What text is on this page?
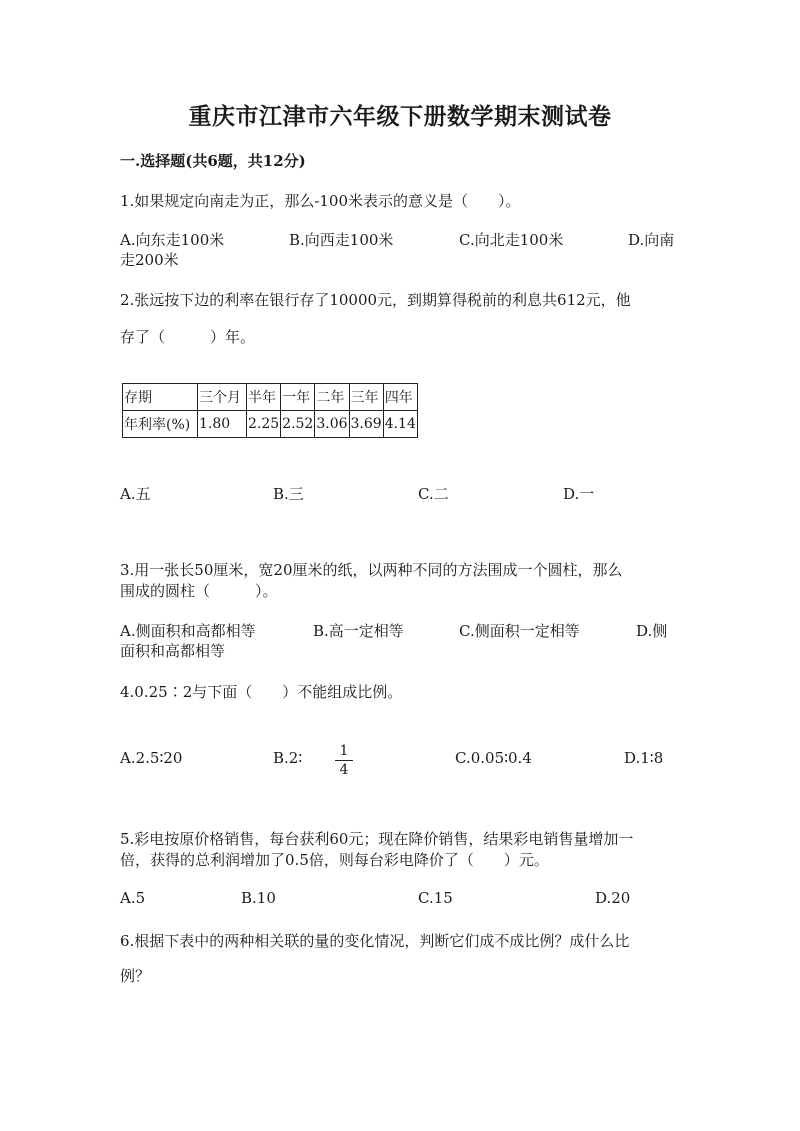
重庆市江津市六年级下册数学期末测试卷
一.选择题(共6题，共12分)
1.如果规定向南走为正，那么-100米表示的意义是（　　）。
A.向东走100米	B.向西走100米	C.向北走100米	D.向南
走200米
2.张远按下边的利率在银行存了10000元，到期算得税前的利息共612元，他
存了（　　　）年。
存期	三个月	半年	一年	二年	三年	四年
年利率(%)	1.80	2.25	2.52	3.06	3.69	4.14
A.五	B.三	C.二	D.一
3.用一张长50厘米，宽20厘米的纸，以两种不同的方法围成一个圆柱，那么
围成的圆柱（　　　）。
A.侧面积和高都相等	B.高一定相等	C.侧面积一定相等	D.侧
面积和高都相等
4.0.25∶2与下面（　　）不能组成比例。
A.2.5∶20	B.2∶	1
4
C.0.05∶0.4	D.1∶8
5.彩电按原价格销售，每台获利60元；现在降价销售，结果彩电销售量增加一
倍，获得的总利润增加了0.5倍，则每台彩电降价了（　　）元。
A.5	B.10	C.15	D.20
6.根据下表中的两种相关联的量的变化情况，判断它们成不成比例？成什么比
例？
